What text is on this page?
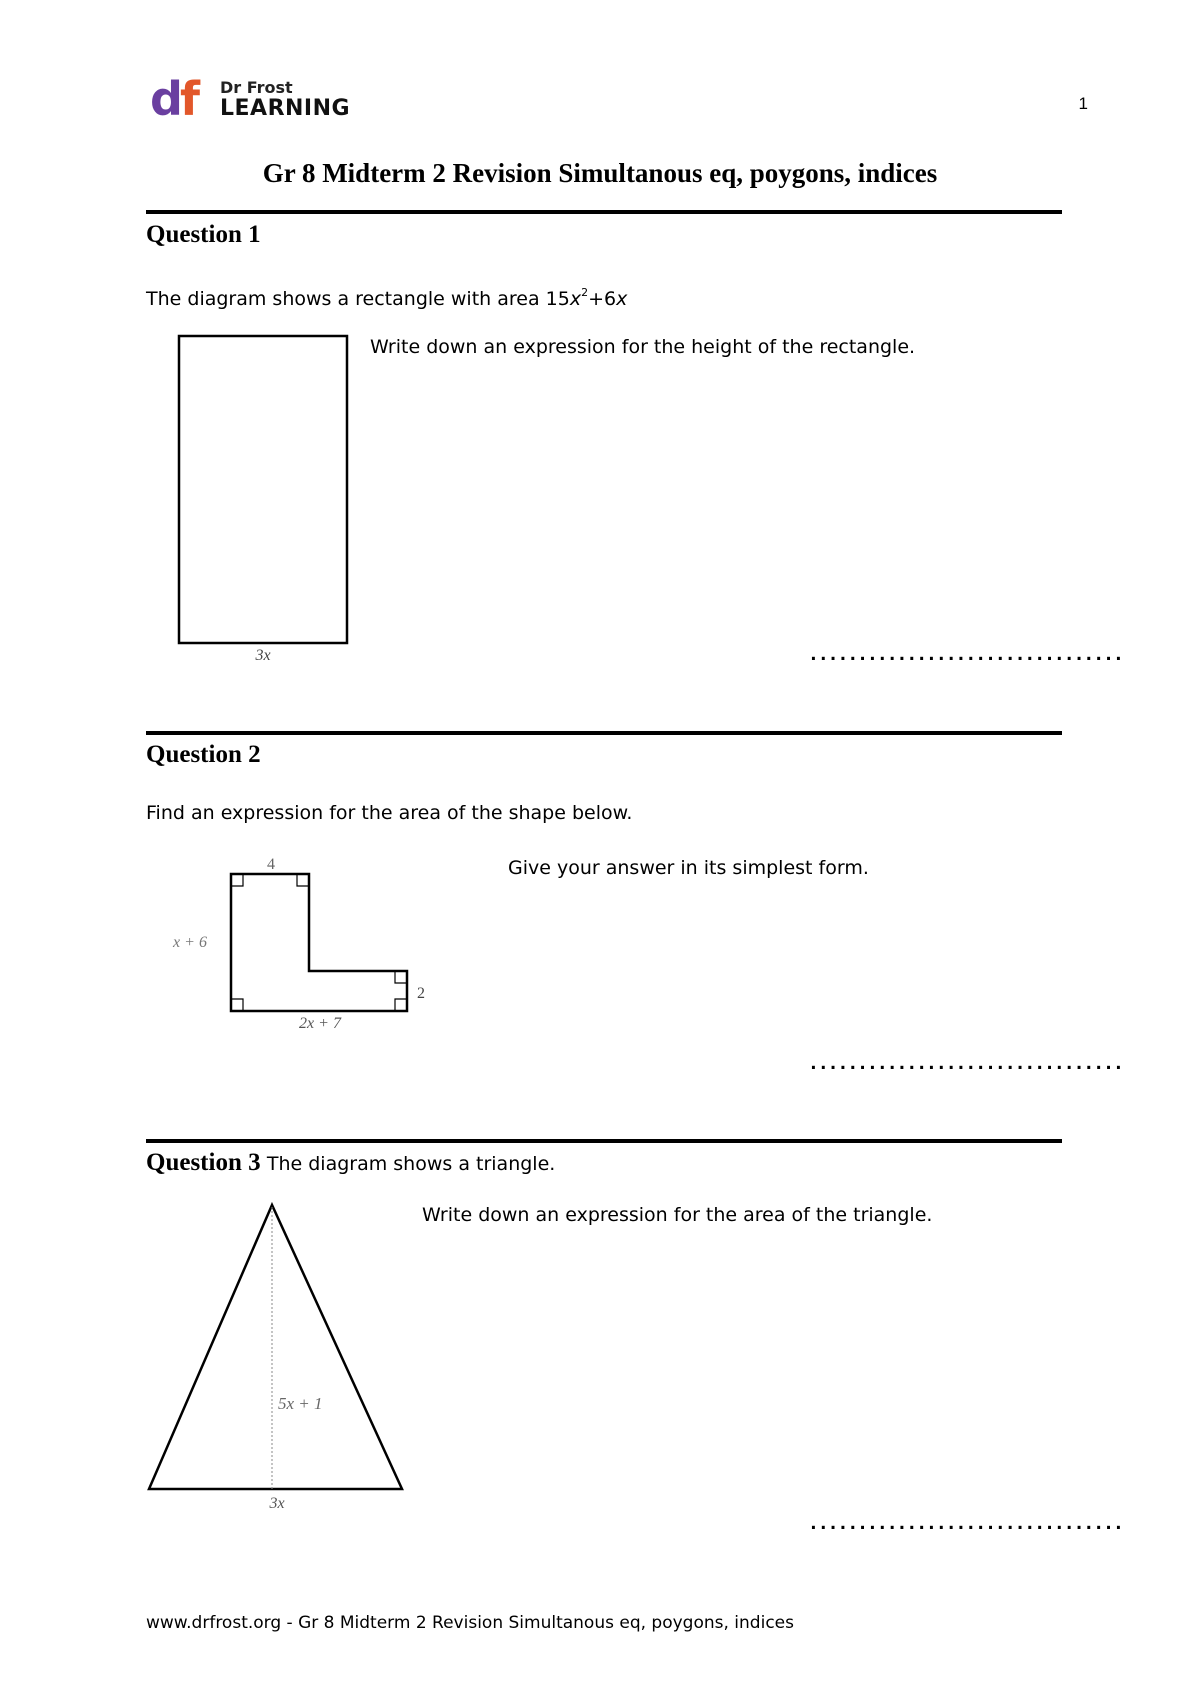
df Dr Frost
LEARNING	1
Gr 8 Midterm 2 Revision Simultanous eq, poygons, indices
Question 1
The diagram shows a rectangle with area $15x^2+6x$
3x
Write down an expression for the height of the rectangle.
................................
Question 2
Find an expression for the area of the shape below.
4
x + 6
2
2x + 7
Give your answer in its simplest form.
................................
Question 3 The diagram shows a triangle.
5x + 1
3x
Write down an expression for the area of the triangle.
................................
www.drfrost.org - Gr 8 Midterm 2 Revision Simultanous eq, poygons, indices
